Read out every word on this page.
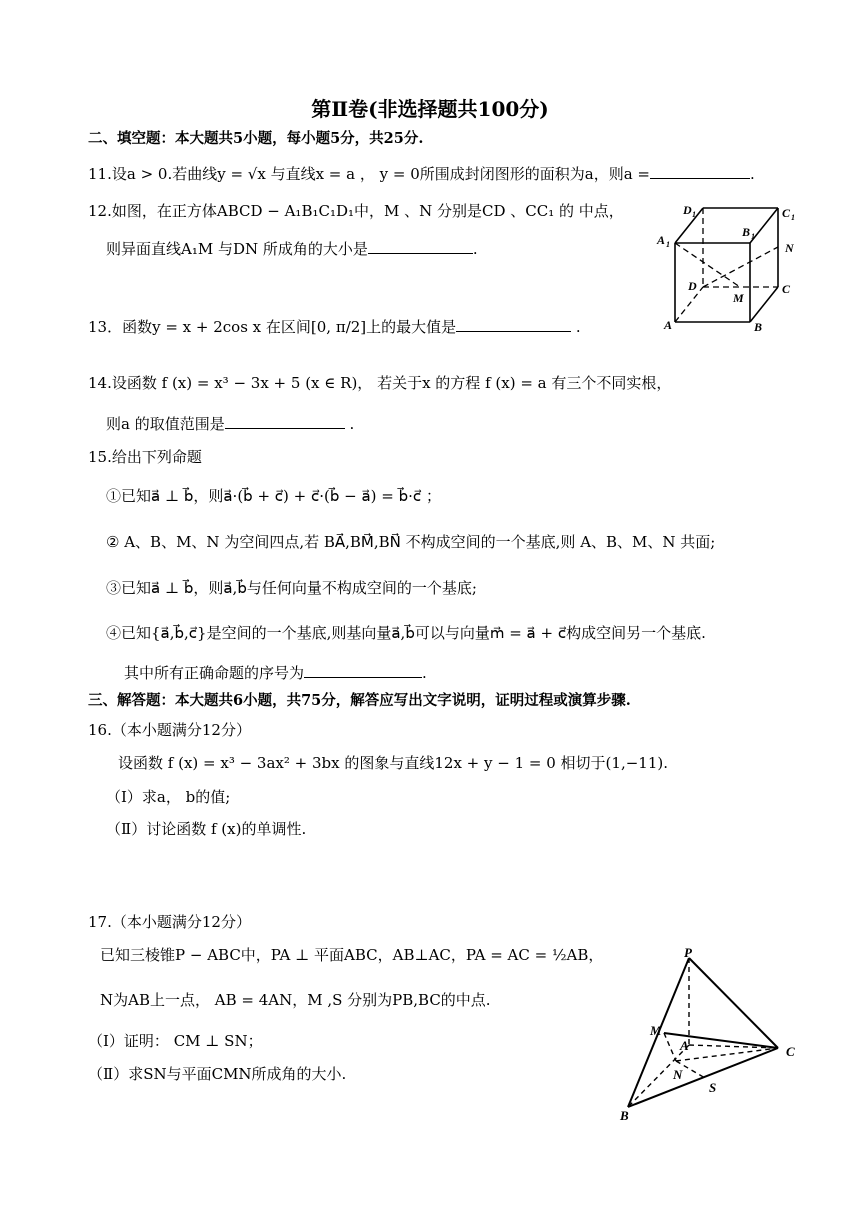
第Ⅱ卷(非选择题共100分)
二、填空题：本大题共5小题，每小题5分，共25分.
11.设a > 0.若曲线y = √x 与直线x = a ， y = 0所围成封闭图形的面积为a，则a =	.
12.如图，在正方体ABCD − A₁B₁C₁D₁中，M 、N 分别是CD 、CC₁ 的 中点，
则异面直线A₁M 与DN 所成角的大小是	.
13．函数y = x + 2cos x 在区间[0, π/2]上的最大值是	.
14.设函数 f (x) = x³ − 3x + 5 (x ∈ R)， 若关于x 的方程 f (x) = a 有三个不同实根，
则a 的取值范围是	.
15.给出下列命题
①已知a⃗ ⊥ b⃗，则a⃗·(b⃗ + c⃗) + c⃗·(b⃗ − a⃗) = b⃗·c⃗ ；
② A、B、M、N 为空间四点,若 BA⃗,BM⃗,BN⃗ 不构成空间的一个基底,则 A、B、M、N 共面;
③已知a⃗ ⊥ b⃗，则a⃗,b⃗与任何向量不构成空间的一个基底;
④已知{a⃗,b⃗,c⃗}是空间的一个基底,则基向量a⃗,b⃗可以与向量m⃗ = a⃗ + c⃗构成空间另一个基底.
其中所有正确命题的序号为	.
三、解答题：本大题共6小题，共75分，解答应写出文字说明，证明过程或演算步骤.
16.（本小题满分12分）
设函数 f (x) = x³ − 3ax² + 3bx 的图象与直线12x + y − 1 = 0 相切于(1,−11).
（Ⅰ）求a， b的值;
（Ⅱ）讨论函数 f (x)的单调性.
17.（本小题满分12分）
已知三棱锥P − ABC中，PA ⊥ 平面ABC，AB⊥AC，PA = AC = ½AB，
N为AB上一点， AB = 4AN，M ,S 分别为PB,BC的中点.
（Ⅰ）证明： CM ⊥ SN；
（Ⅱ）求SN与平面CMN所成角的大小.
D 1	C 1
A 1
B 1
N
D
M
C
A	B
P
M
A	C
N
S
B
